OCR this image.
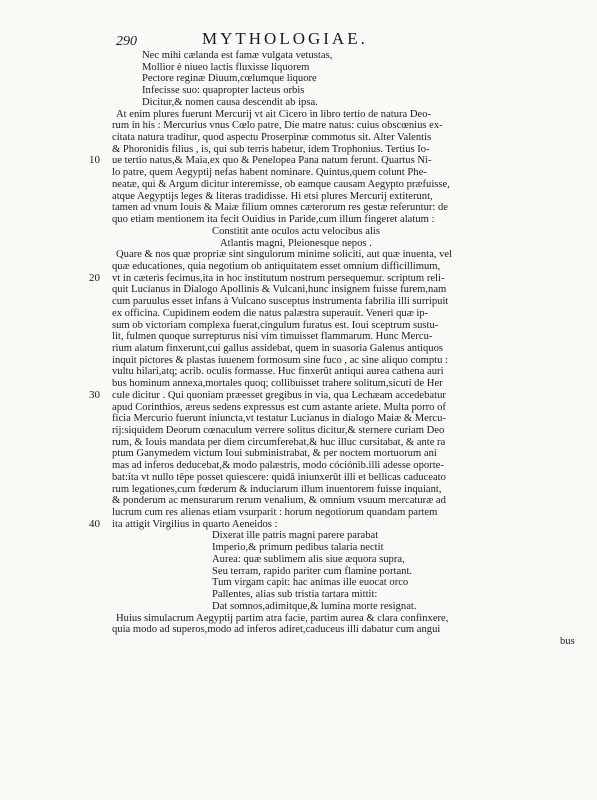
290	MYTHOLOGIAE.
Nec mihi cælanda est famæ vulgata vetustas,
Mollior è niueo lactis fluxisse liquorem
Pectore reginæ Diuum,cœlumque liquore
Infecisse suo: quapropter lacteus orbis
Dicitur,& nomen causa descendit ab ipsa.
At enim plures fuerunt Mercurij vt ait Cicero in libro tertio de natura Deo-
rum in his : Mercurius vnus Cœlo patre, Die matre natus: cuius obscœnius ex-
citata natura traditur, quod aspectu Proserpinæ commotus sit. Alter Valentis
& Phoronidis filius , is, qui sub terris habetur, idem Trophonius. Tertius Io-
ue tertio natus,& Maia,ex quo & Penelopea Pana natum ferunt. Quartus Ni-
10
lo patre, quem Aegyptij nefas habent nominare. Quintus,quem colunt Phe-
neatæ, qui & Argum dicitur interemisse, ob eamque causam Aegypto præfuisse,
atque Aegyptijs leges & literas tradidisse. Hi etsi plures Mercurij extiterunt,
tamen ad vnum Iouis & Maiæ filium omnes cæterorum res gestæ referuntur: de
quo etiam mentionem ita fecit Ouidius in Paride,cum illum fingeret alatum :
Constitit ante oculos actu velocibus alis
Atlantis magni, Pleionesque nepos .
Quare & nos quæ propriæ sint singulorum minime soliciti, aut quæ inuenta, vel
quæ educationes, quia negotium ob antiquitatem esset omnium difficillimum,
vt in cæteris fecimus,ita in hoc institutum nostrum persequemur. scriptum reli-
20
quit Lucianus in Dialogo Apollinis & Vulcani,hunc insignem fuisse furem,nam
cum paruulus esset infans à Vulcano susceptus instrumenta fabrilia illi surripuit
ex officina. Cupidinem eodem die natus palæstra superauit. Veneri quæ ip-
sum ob victoriam complexa fuerat,cingulum furatus est. Ioui sceptrum sustu-
lit, fulmen quoque surrepturus nisi vim timuisset flammarum. Hunc Mercu-
rium alatum finxerunt,cui gallus assidebat, quem in suasoria Galenus antiquos
inquit pictores & plastas iuuenem formosum sine fuco , ac sine aliquo comptu :
vultu hilari,atq; acrib. oculis formasse. Huc finxerût antiqui aurea cathena auri
bus hominum annexa,mortales quoq; collibuisset trahere solitum,sicuti de Her
cule dicitur . Qui quoniam præesset gregibus in via, qua Lechæam accedebatur
30
apud Corinthios, æreus sedens expressus est cum astante ariete. Multa porro of
ficia Mercurio fuerunt iniuncta,vt testatur Lucianus in dialogo Maiæ & Mercu-
rij:siquidem Deorum cœnaculum verrere solitus dicitur,& sternere curiam Deo
rum, & Iouis mandata per diem circumferebat,& huc illuc cursitabat, & ante ra
ptum Ganymedem victum Ioui subministrabat, & per noctem mortuorum ani
mas ad inferos deducebat,& modo palæstris, modo cóciónib.illi adesse oporte-
bat:ita vt nullo tēpe posset quiescere: quidā iniunxerūt illi et bellicas caduceato
rum legationes,cum fœderum & induciarum illum inuentorem fuisse inquiant,
& ponderum ac mensurarum rerum venalium, & omnium vsuum mercaturæ ad
lucrum cum res alienas etiam vsurparit : horum negotiorum quandam partem
ita attigit Virgilius in quarto Aeneidos :
40
Dixerat ille patris magni parere parabat
Imperio,& primum pedibus talaria nectit
Aurea: quæ sublimem alis siue æquora supra,
Seu terram, rapido pariter cum flamine portant.
Tum virgam capit: hac animas ille euocat orco
Pallentes, alias sub tristia tartara mittit:
Dat somnos,adimitque,& lumina morte resignat.
Huius simulacrum Aegyptij partim atra facie, partim aurea & clara confinxere,
quia modo ad superos,modo ad inferos adiret,caduceus illi dabatur cum angui
bus
